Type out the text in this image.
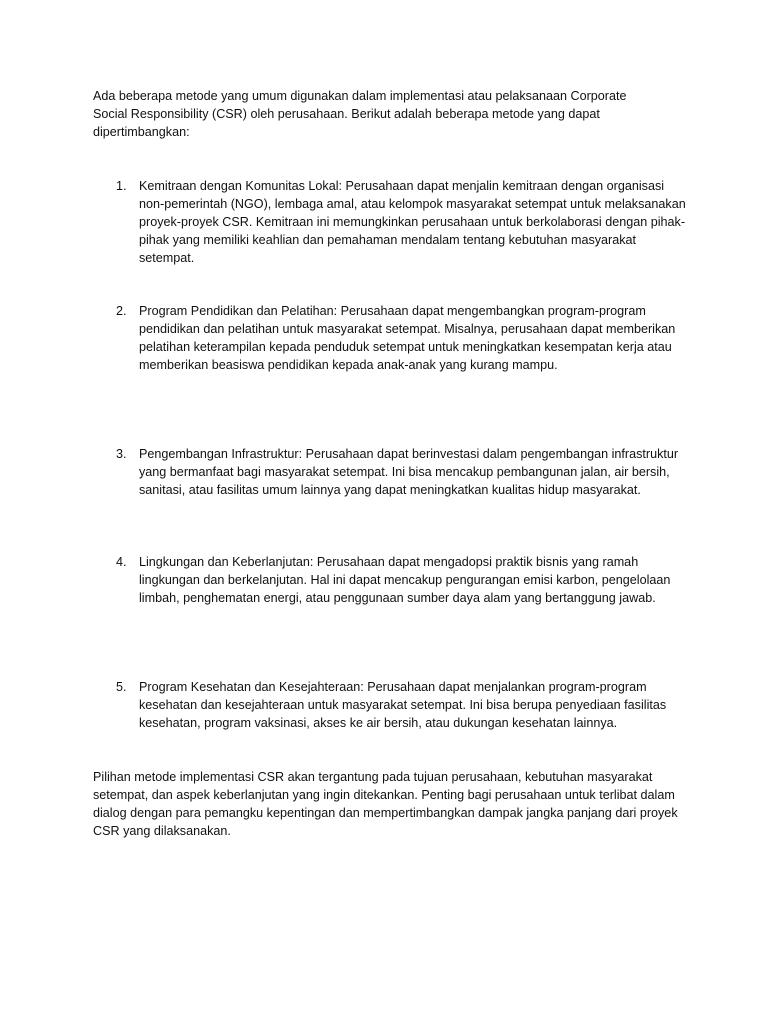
Ada beberapa metode yang umum digunakan dalam implementasi atau pelaksanaan Corporate Social Responsibility (CSR) oleh perusahaan. Berikut adalah beberapa metode yang dapat dipertimbangkan:

1. Kemitraan dengan Komunitas Lokal: Perusahaan dapat menjalin kemitraan dengan organisasi non-pemerintah (NGO), lembaga amal, atau kelompok masyarakat setempat untuk melaksanakan proyek-proyek CSR. Kemitraan ini memungkinkan perusahaan untuk berkolaborasi dengan pihak-pihak yang memiliki keahlian dan pemahaman mendalam tentang kebutuhan masyarakat setempat.

2. Program Pendidikan dan Pelatihan: Perusahaan dapat mengembangkan program-program pendidikan dan pelatihan untuk masyarakat setempat. Misalnya, perusahaan dapat memberikan pelatihan keterampilan kepada penduduk setempat untuk meningkatkan kesempatan kerja atau memberikan beasiswa pendidikan kepada anak-anak yang kurang mampu.

3. Pengembangan Infrastruktur: Perusahaan dapat berinvestasi dalam pengembangan infrastruktur yang bermanfaat bagi masyarakat setempat. Ini bisa mencakup pembangunan jalan, air bersih, sanitasi, atau fasilitas umum lainnya yang dapat meningkatkan kualitas hidup masyarakat.

4. Lingkungan dan Keberlanjutan: Perusahaan dapat mengadopsi praktik bisnis yang ramah lingkungan dan berkelanjutan. Hal ini dapat mencakup pengurangan emisi karbon, pengelolaan limbah, penghematan energi, atau penggunaan sumber daya alam yang bertanggung jawab.

5. Program Kesehatan dan Kesejahteraan: Perusahaan dapat menjalankan program-program kesehatan dan kesejahteraan untuk masyarakat setempat. Ini bisa berupa penyediaan fasilitas kesehatan, program vaksinasi, akses ke air bersih, atau dukungan kesehatan lainnya.

Pilihan metode implementasi CSR akan tergantung pada tujuan perusahaan, kebutuhan masyarakat setempat, dan aspek keberlanjutan yang ingin ditekankan. Penting bagi perusahaan untuk terlibat dalam dialog dengan para pemangku kepentingan dan mempertimbangkan dampak jangka panjang dari proyek CSR yang dilaksanakan.
